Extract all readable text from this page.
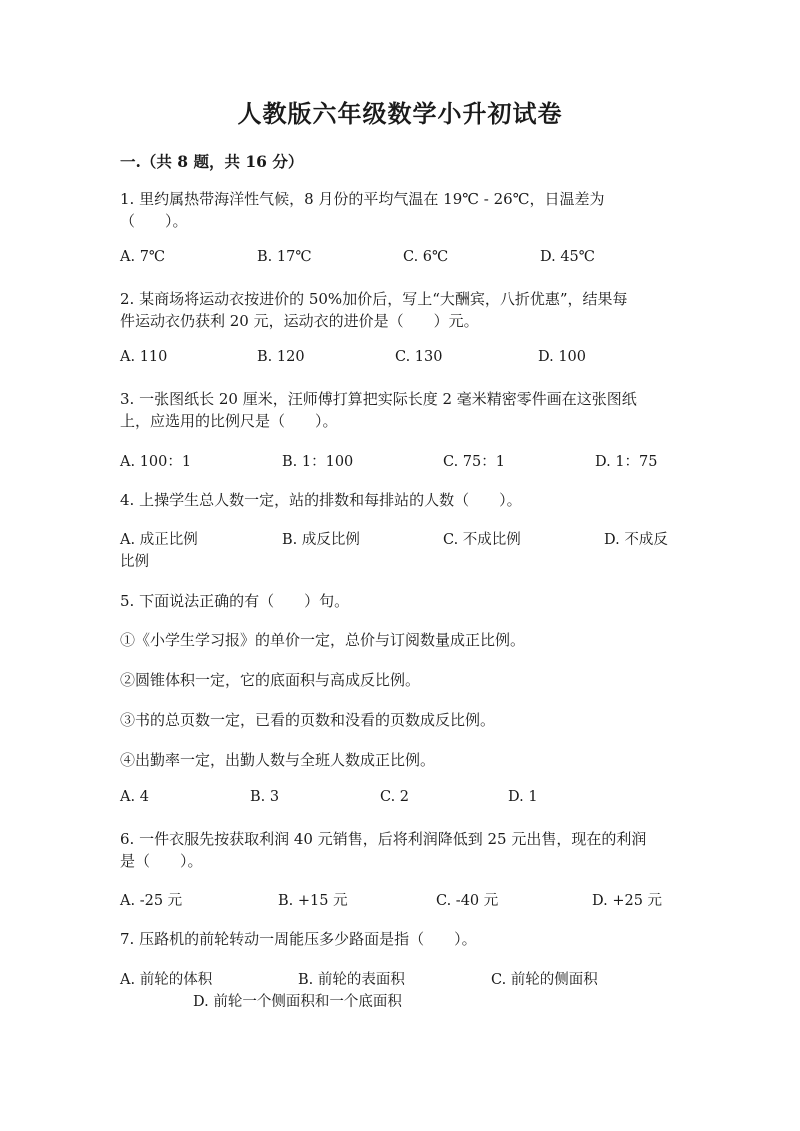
人教版六年级数学小升初试卷
一.（共 8 题，共 16 分）
1. 里约属热带海洋性气候，8 月份的平均气温在 19℃ - 26℃，日温差为
（　　）。
A. 7℃	B. 17℃	C. 6℃	D. 45℃
2. 某商场将运动衣按进价的 50%加价后，写上“大酬宾，八折优惠”，结果每
件运动衣仍获利 20 元，运动衣的进价是（　　）元。
A. 110	B. 120	C. 130	D. 100
3. 一张图纸长 20 厘米，汪师傅打算把实际长度 2 毫米精密零件画在这张图纸
上，应选用的比例尺是（　　）。
A. 100：1	B. 1：100	C. 75：1	D. 1：75
4. 上操学生总人数一定，站的排数和每排站的人数（　　）。
A. 成正比例	B. 成反比例	C. 不成比例	D. 不成反
比例
5. 下面说法正确的有（　　）句。
①《小学生学习报》的单价一定，总价与订阅数量成正比例。
②圆锥体积一定，它的底面积与高成反比例。
③书的总页数一定，已看的页数和没看的页数成反比例。
④出勤率一定，出勤人数与全班人数成正比例。
A. 4	B. 3	C. 2	D. 1
6. 一件衣服先按获取利润 40 元销售，后将利润降低到 25 元出售，现在的利润
是（　　）。
A. -25 元	B. +15 元	C. -40 元	D. +25 元
7. 压路机的前轮转动一周能压多少路面是指（　　）。
A. 前轮的体积	B. 前轮的表面积	C. 前轮的侧面积
D. 前轮一个侧面积和一个底面积
